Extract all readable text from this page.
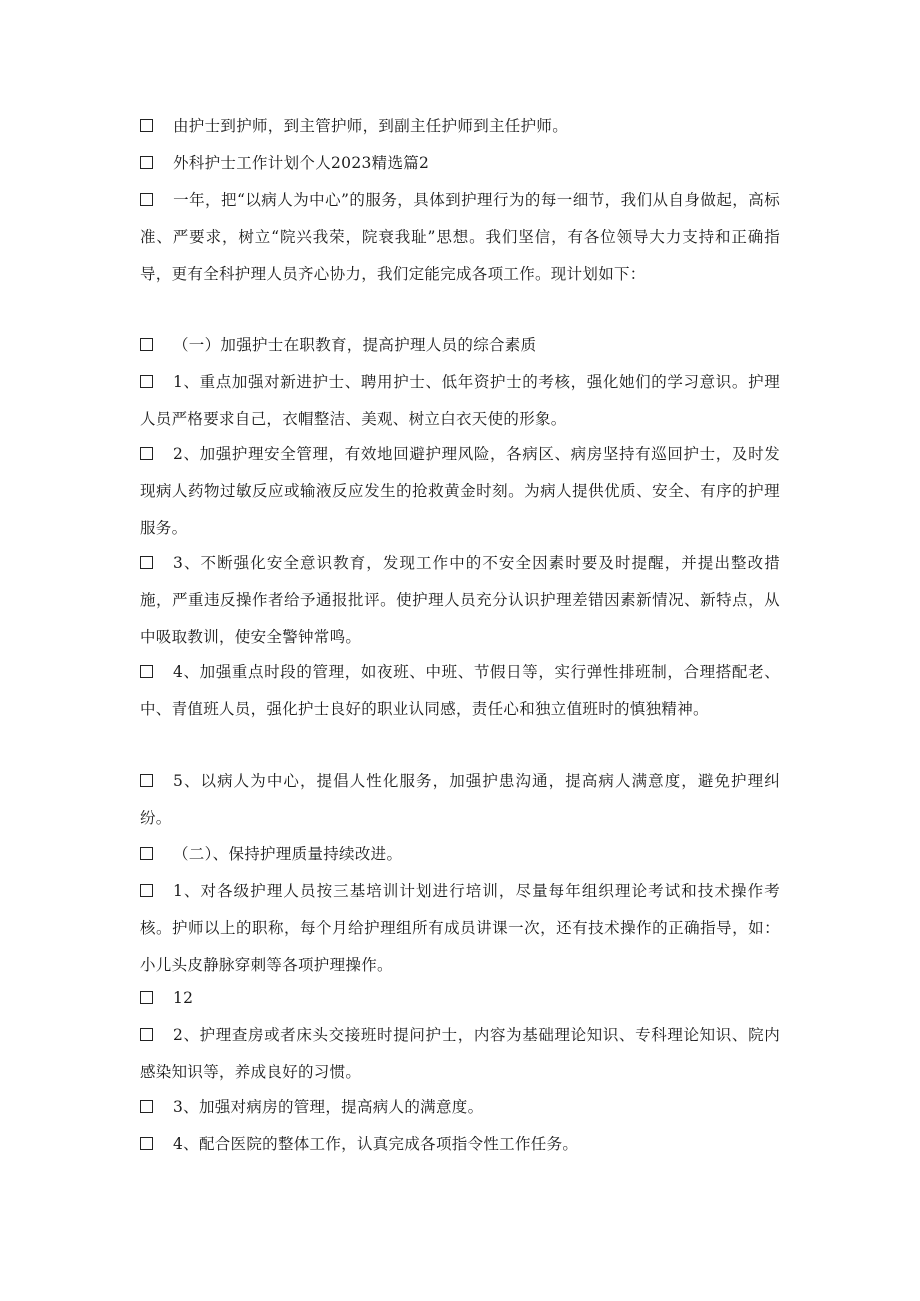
由护士到护师，到主管护师，到副主任护师到主任护师。

外科护士工作计划个人2023精选篇2

一年，把“以病人为中心”的服务，具体到护理行为的每一细节，我们从自身做起，高标准、严要求，树立“院兴我荣，院衰我耻”思想。我们坚信，有各位领导大力支持和正确指导，更有全科护理人员齐心协力，我们定能完成各项工作。现计划如下：

（一）加强护士在职教育，提高护理人员的综合素质

1、重点加强对新进护士、聘用护士、低年资护士的考核，强化她们的学习意识。护理人员严格要求自己，衣帽整洁、美观、树立白衣天使的形象。

2、加强护理安全管理，有效地回避护理风险，各病区、病房坚持有巡回护士，及时发现病人药物过敏反应或输液反应发生的抢救黄金时刻。为病人提供优质、安全、有序的护理服务。

3、不断强化安全意识教育，发现工作中的不安全因素时要及时提醒，并提出整改措施，严重违反操作者给予通报批评。使护理人员充分认识护理差错因素新情况、新特点，从中吸取教训，使安全警钟常鸣。

4、加强重点时段的管理，如夜班、中班、节假日等，实行弹性排班制，合理搭配老、中、青值班人员，强化护士良好的职业认同感，责任心和独立值班时的慎独精神。

5、以病人为中心，提倡人性化服务，加强护患沟通，提高病人满意度，避免护理纠纷。

（二）、保持护理质量持续改进。

1、对各级护理人员按三基培训计划进行培训，尽量每年组织理论考试和技术操作考核。护师以上的职称，每个月给护理组所有成员讲课一次，还有技术操作的正确指导，如：小儿头皮静脉穿刺等各项护理操作。

12

2、护理查房或者床头交接班时提问护士，内容为基础理论知识、专科理论知识、院内感染知识等，养成良好的习惯。

3、加强对病房的管理，提高病人的满意度。

4、配合医院的整体工作，认真完成各项指令性工作任务。
